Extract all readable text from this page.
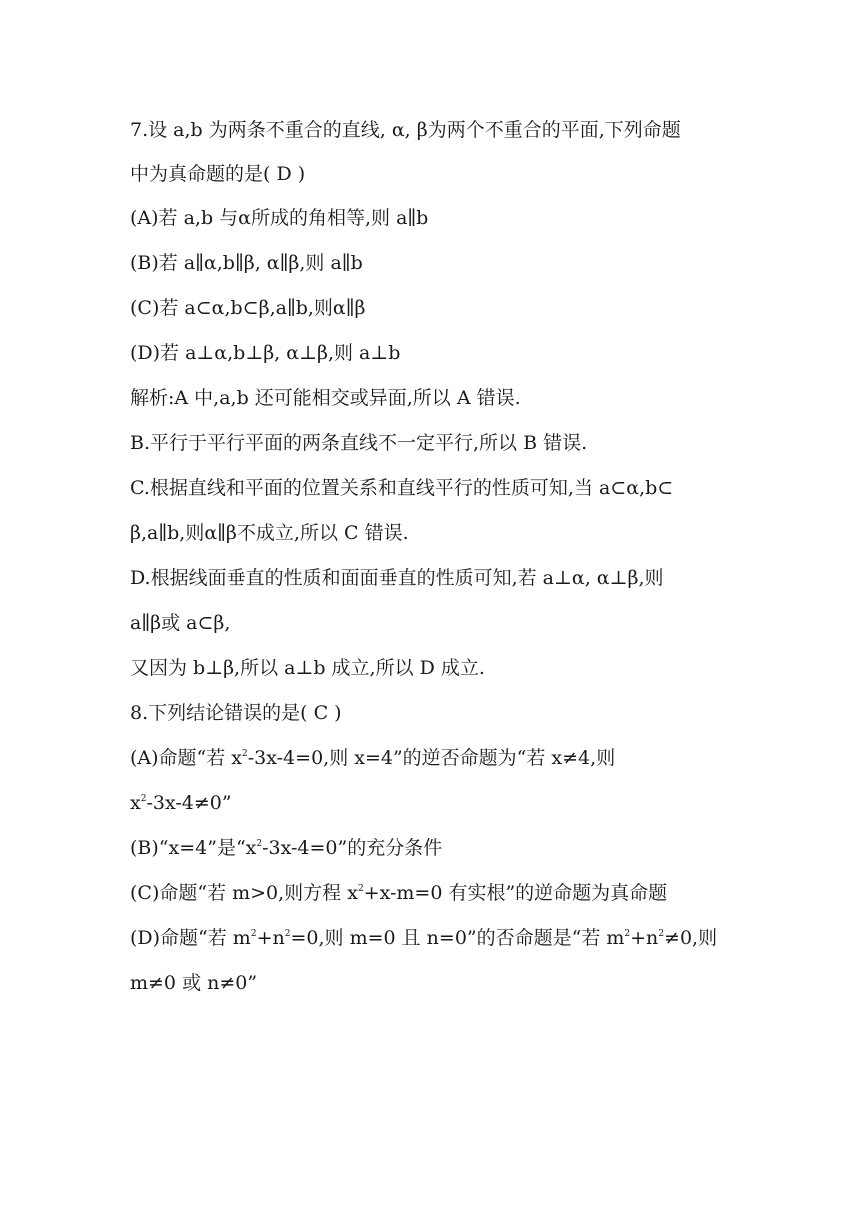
7.设 a,b 为两条不重合的直线, α, β为两个不重合的平面,下列命题
中为真命题的是( D )
(A)若 a,b 与α所成的角相等,则 a∥b
(B)若 a∥α,b∥β, α∥β,则 a∥b
(C)若 a⊂α,b⊂β,a∥b,则α∥β
(D)若 a⊥α,b⊥β, α⊥β,则 a⊥b
解析:A 中,a,b 还可能相交或异面,所以 A 错误.
B.平行于平行平面的两条直线不一定平行,所以 B 错误.
C.根据直线和平面的位置关系和直线平行的性质可知,当 a⊂α,b⊂
β,a∥b,则α∥β不成立,所以 C 错误.
D.根据线面垂直的性质和面面垂直的性质可知,若 a⊥α, α⊥β,则
a∥β或 a⊂β,
又因为 b⊥β,所以 a⊥b 成立,所以 D 成立.
8.下列结论错误的是( C )
(A)命题“若 $x^2-3x-4=0$,则 x=4”的逆否命题为“若 x≠4,则
$x^2-3x-4\ne 0$”
(B)“x=4”是“$x^2-3x-4=0$”的充分条件
(C)命题“若 m>0,则方程 $x^2+x-m=0$ 有实根”的逆命题为真命题
(D)命题“若 $m^2+n^2=0$,则 m=0 且 n=0”的否命题是“若 $m^2+n^2\ne 0$,则
m≠0 或 n≠0”
